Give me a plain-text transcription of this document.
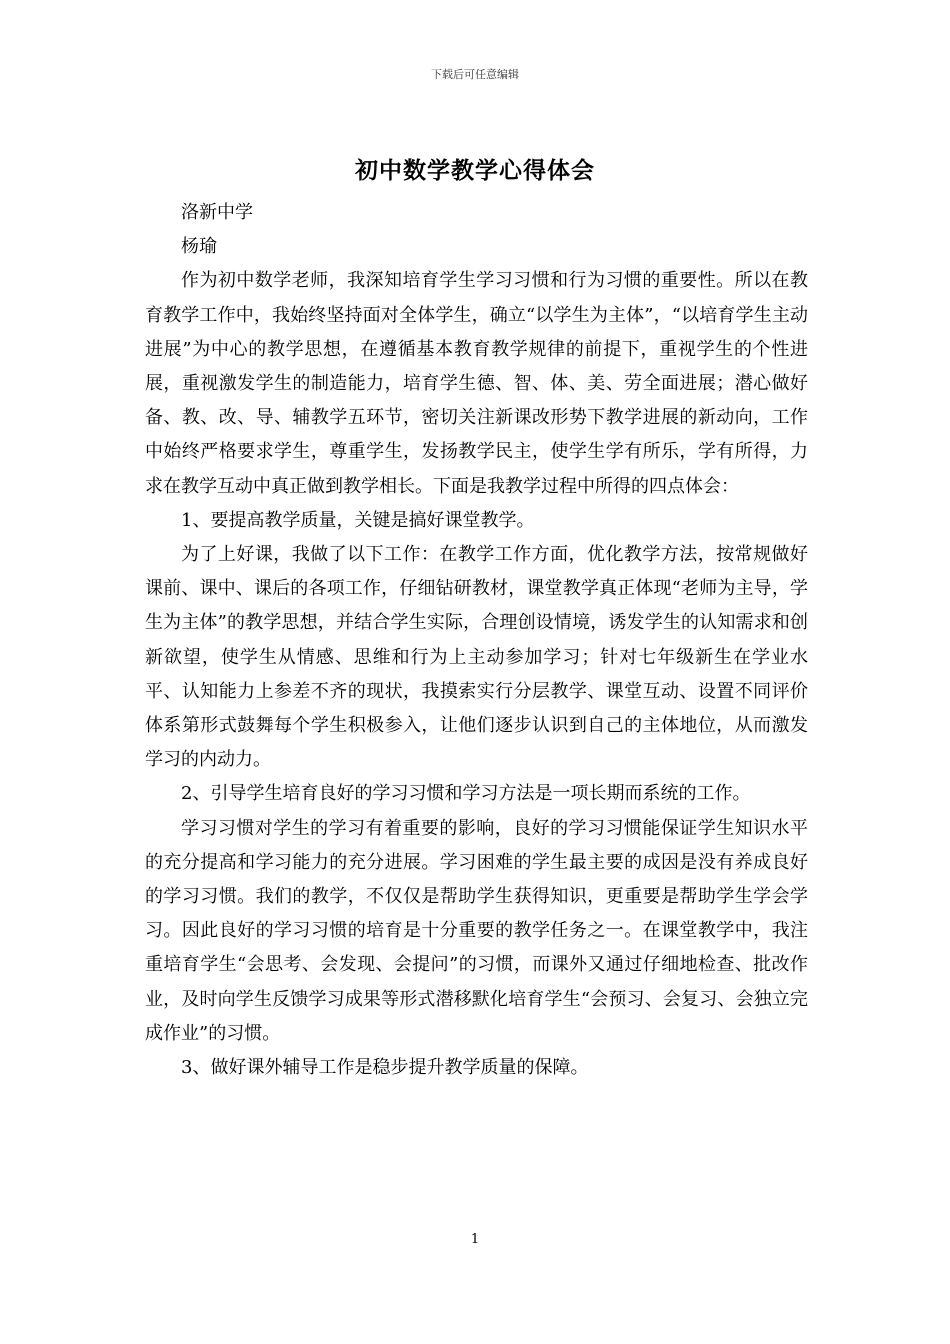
下载后可任意编辑
初中数学教学心得体会

洛新中学

杨瑜

作为初中数学老师，我深知培育学生学习习惯和行为习惯的重要性。所以在教育教学工作中，我始终坚持面对全体学生，确立“以学生为主体”，“以培育学生主动进展”为中心的教学思想，在遵循基本教育教学规律的前提下，重视学生的个性进展，重视激发学生的制造能力，培育学生德、智、体、美、劳全面进展；潜心做好备、教、改、导、辅教学五环节，密切关注新课改形势下教学进展的新动向，工作中始终严格要求学生，尊重学生，发扬教学民主，使学生学有所乐，学有所得，力求在教学互动中真正做到教学相长。下面是我教学过程中所得的四点体会：

1、要提高教学质量，关键是搞好课堂教学。

为了上好课，我做了以下工作：在教学工作方面，优化教学方法，按常规做好课前、课中、课后的各项工作，仔细钻研教材，课堂教学真正体现“老师为主导，学生为主体”的教学思想，并结合学生实际，合理创设情境，诱发学生的认知需求和创新欲望，使学生从情感、思维和行为上主动参加学习；针对七年级新生在学业水平、认知能力上参差不齐的现状，我摸索实行分层教学、课堂互动、设置不同评价体系第形式鼓舞每个学生积极参入，让他们逐步认识到自己的主体地位，从而激发学习的内动力。

2、引导学生培育良好的学习习惯和学习方法是一项长期而系统的工作。

学习习惯对学生的学习有着重要的影响，良好的学习习惯能保证学生知识水平的充分提高和学习能力的充分进展。学习困难的学生最主要的成因是没有养成良好的学习习惯。我们的教学，不仅仅是帮助学生获得知识，更重要是帮助学生学会学习。因此良好的学习习惯的培育是十分重要的教学任务之一。在课堂教学中，我注重培育学生“会思考、会发现、会提问”的习惯，而课外又通过仔细地检查、批改作业，及时向学生反馈学习成果等形式潜移默化培育学生“会预习、会复习、会独立完成作业”的习惯。

3、做好课外辅导工作是稳步提升教学质量的保障。

1
